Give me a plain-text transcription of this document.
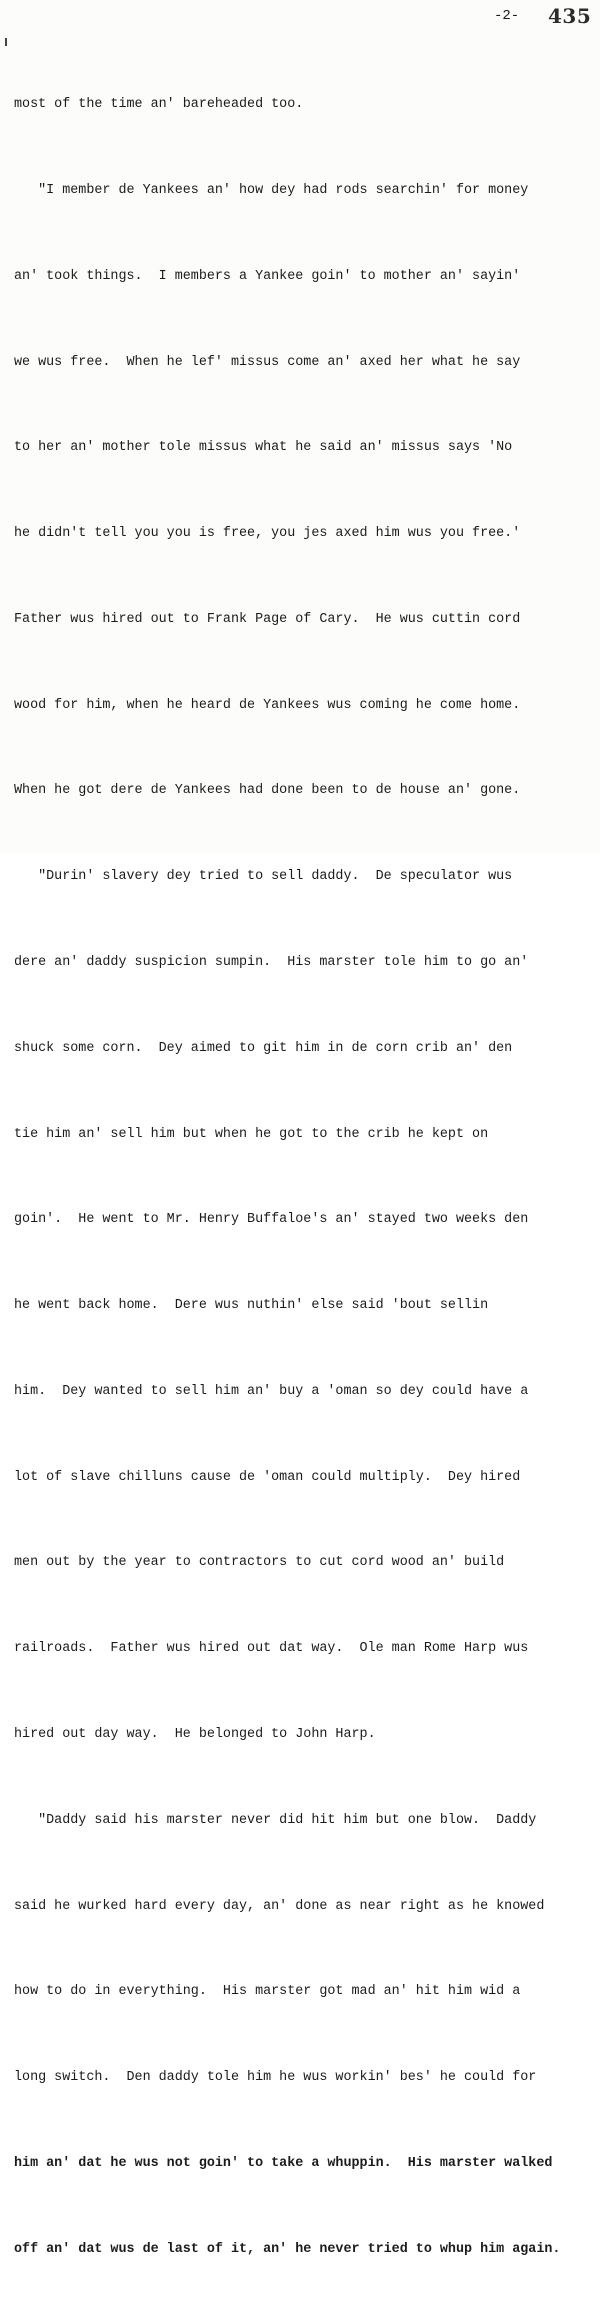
-2- 435

most of the time an' bareheaded too.

"I member de Yankees an' how dey had rods searchin' for money

an' took things.  I members a Yankee goin' to mother an' sayin'

we wus free.  When he lef' missus come an' axed her what he say

to her an' mother tole missus what he said an' missus says 'No

he didn't tell you you is free, you jes axed him wus you free.'

Father wus hired out to Frank Page of Cary.  He wus cuttin cord

wood for him, when he heard de Yankees wus coming he come home.

When he got dere de Yankees had done been to de house an' gone.

"Durin' slavery dey tried to sell daddy.  De speculator wus

dere an' daddy suspicion sumpin.  His marster tole him to go an'

shuck some corn.  Dey aimed to git him in de corn crib an' den

tie him an' sell him but when he got to the crib he kept on

goin'.  He went to Mr. Henry Buffaloe's an' stayed two weeks den

he went back home.  Dere wus nuthin' else said 'bout sellin

him.  Dey wanted to sell him an' buy a 'oman so dey could have a

lot of slave chilluns cause de 'oman could multiply.  Dey hired

men out by the year to contractors to cut cord wood an' build

railroads.  Father wus hired out dat way.  Ole man Rome Harp wus

hired out day way.  He belonged to John Harp.

"Daddy said his marster never did hit him but one blow.  Daddy

said he wurked hard every day, an' done as near right as he knowed

how to do in everything.  His marster got mad an' hit him wid a

long switch.  Den daddy tole him he wus workin' bes' he could for

him an' dat he wus not goin' to take a whuppin.  His marster walked

off an' dat wus de last of it, an' he never tried to whup him again.
